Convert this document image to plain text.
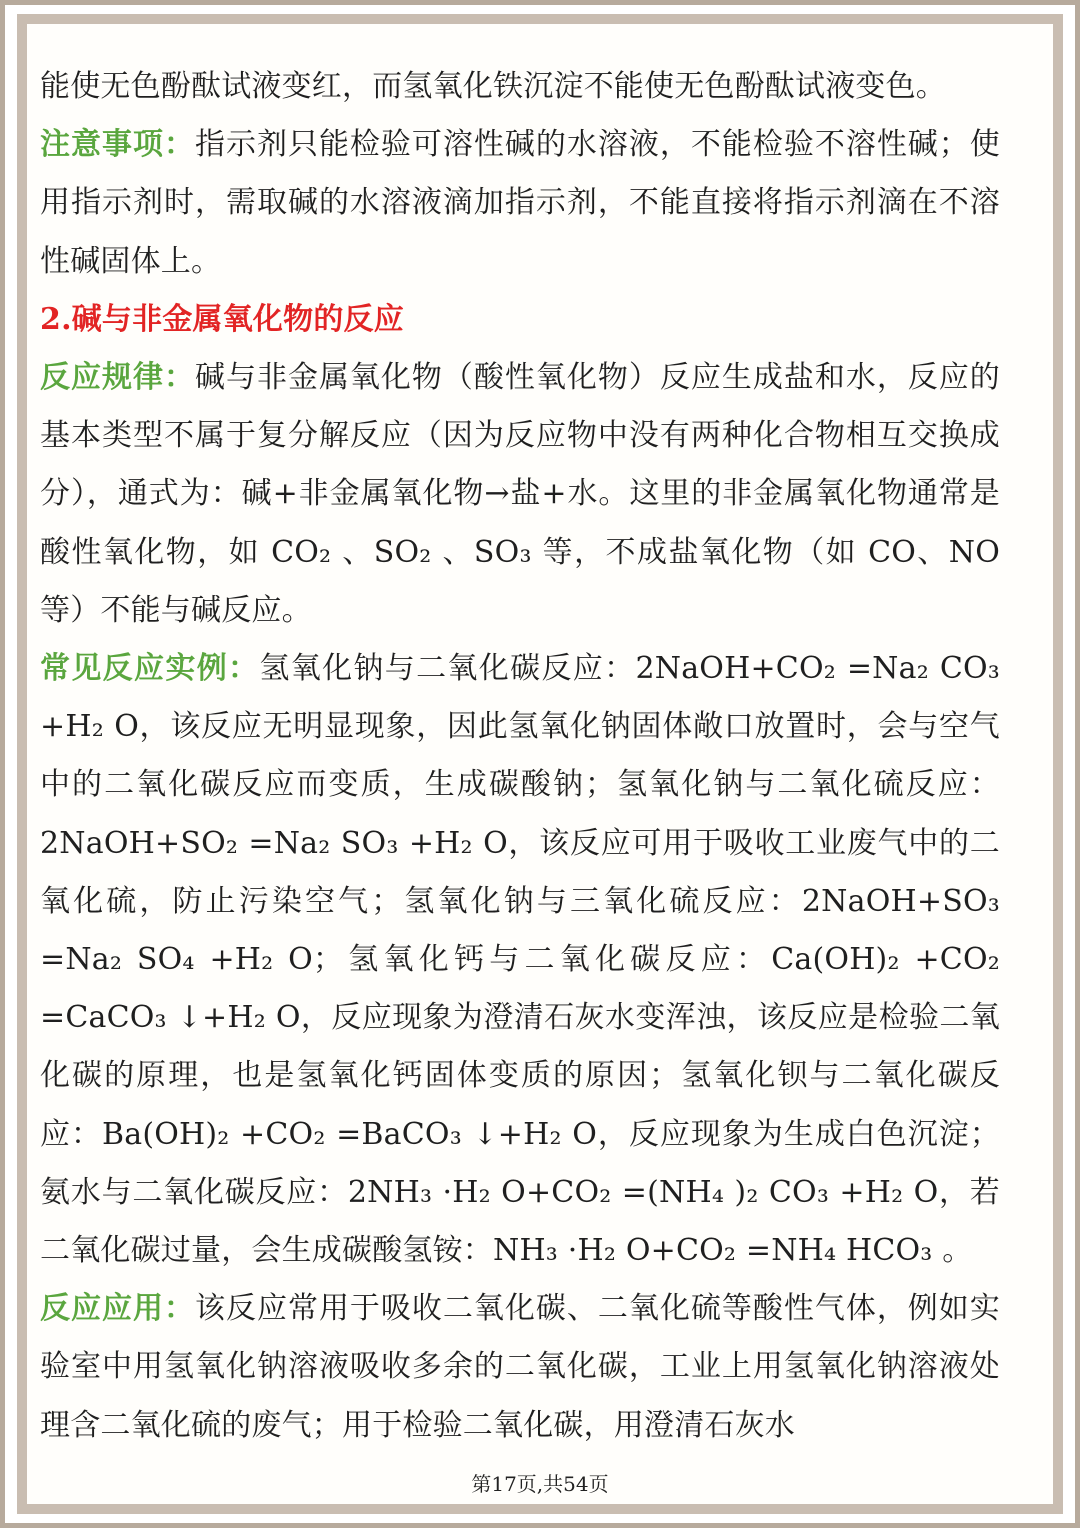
能使无色酚酞试液变红，而氢氧化铁沉淀不能使无色酚酞试液变色。

注意事项：指示剂只能检验可溶性碱的水溶液，不能检验不溶性碱；使用指示剂时，需取碱的水溶液滴加指示剂，不能直接将指示剂滴在不溶性碱固体上。

2.碱与非金属氧化物的反应

反应规律：碱与非金属氧化物（酸性氧化物）反应生成盐和水，反应的基本类型不属于复分解反应（因为反应物中没有两种化合物相互交换成分），通式为：碱+非金属氧化物→盐+水。这里的非金属氧化物通常是酸性氧化物，如 CO₂ 、SO₂ 、SO₃ 等，不成盐氧化物（如 CO、NO 等）不能与碱反应。

常见反应实例：氢氧化钠与二氧化碳反应：2NaOH+CO₂ =Na₂ CO₃ +H₂ O，该反应无明显现象，因此氢氧化钠固体敞口放置时，会与空气中的二氧化碳反应而变质，生成碳酸钠；氢氧化钠与二氧化硫反应：2NaOH+SO₂ =Na₂ SO₃ +H₂ O，该反应可用于吸收工业废气中的二氧化硫，防止污染空气；氢氧化钠与三氧化硫反应：2NaOH+SO₃ =Na₂ SO₄ +H₂ O；氢氧化钙与二氧化碳反应：Ca(OH)₂ +CO₂ =CaCO₃ ↓+H₂ O，反应现象为澄清石灰水变浑浊，该反应是检验二氧化碳的原理，也是氢氧化钙固体变质的原因；氢氧化钡与二氧化碳反应：Ba(OH)₂ +CO₂ =BaCO₃ ↓+H₂ O，反应现象为生成白色沉淀；氨水与二氧化碳反应：2NH₃ ·H₂ O+CO₂ =(NH₄ )₂ CO₃ +H₂ O，若二氧化碳过量，会生成碳酸氢铵：NH₃ ·H₂ O+CO₂ =NH₄ HCO₃ 。

反应应用：该反应常用于吸收二氧化碳、二氧化硫等酸性气体，例如实验室中用氢氧化钠溶液吸收多余的二氧化碳，工业上用氢氧化钠溶液处理含二氧化硫的废气；用于检验二氧化碳，用澄清石灰水

第17页,共54页
